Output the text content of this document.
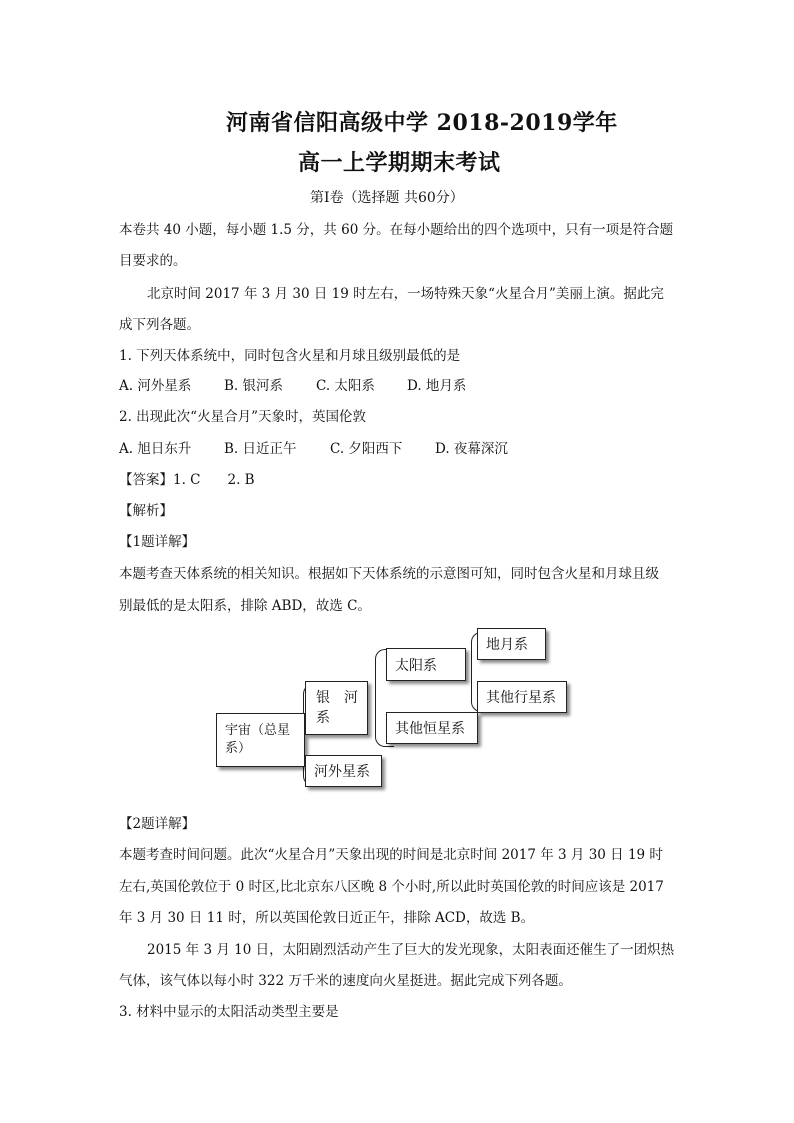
河南省信阳高级中学 2018-2019学年
高一上学期期末考试
第Ⅰ卷（选择题 共60分）
本卷共 40 小题，每小题 1.5 分，共 60 分。在每小题给出的四个选项中，只有一项是符合题
目要求的。
北京时间 2017 年 3 月 30 日 19 时左右，一场特殊天象“火星合月”美丽上演。据此完
成下列各题。
1. 下列天体系统中，同时包含火星和月球且级别最低的是
A. 河外星系 B. 银河系 C. 太阳系 D. 地月系
2. 出现此次“火星合月”天象时，英国伦敦
A. 旭日东升 B. 日近正午 C. 夕阳西下 D. 夜幕深沉
【答案】1. C　　2. B
【解析】
【1题详解】
本题考查天体系统的相关知识。根据如下天体系统的示意图可知，同时包含火星和月球且级
别最低的是太阳系，排除 ABD，故选 C。
宇宙（总星
系）
银　河
系
河外星系
太阳系
其他恒星系
地月系
其他行星系
【2题详解】
本题考查时间问题。此次“火星合月”天象出现的时间是北京时间 2017 年 3 月 30 日 19 时
左右,英国伦敦位于 0 时区,比北京东八区晚 8 个小时,所以此时英国伦敦的时间应该是 2017
年 3 月 30 日 11 时，所以英国伦敦日近正午，排除 ACD，故选 B。
2015 年 3 月 10 日，太阳剧烈活动产生了巨大的发光现象，太阳表面还催生了一团炽热
气体，该气体以每小时 322 万千米的速度向火星挺进。据此完成下列各题。
3. 材料中显示的太阳活动类型主要是
